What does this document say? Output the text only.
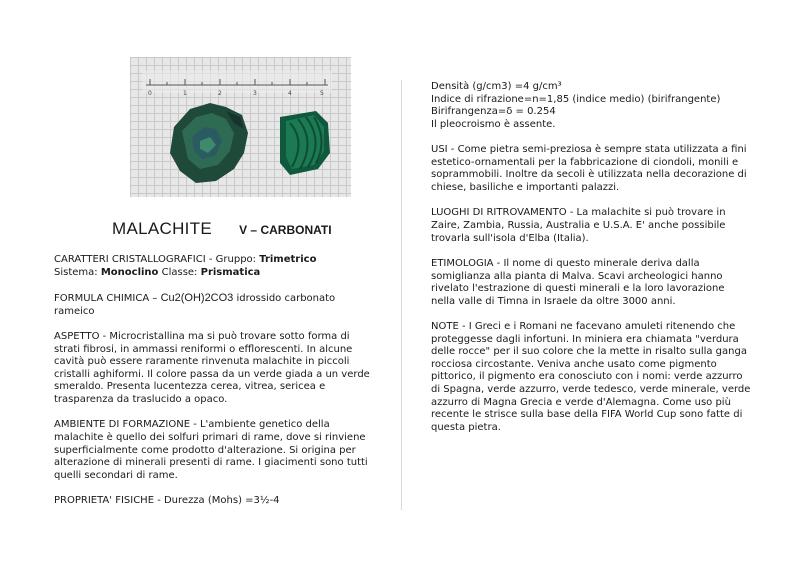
0	1	2	3	4	5
MALACHITE V – CARBONATI

CARATTERI CRISTALLOGRAFICI - Gruppo: Trimetrico
Sistema: Monoclino Classe: Prismatica

FORMULA CHIMICA – Cu2(OH)2CO3 idrossido carbonato rameico

ASPETTO - Microcristallina ma si può trovare sotto forma di strati fibrosi, in ammassi reniformi o efflorescenti. In alcune cavità può essere raramente rinvenuta malachite in piccoli cristalli aghiformi. Il colore passa da un verde giada a un verde smeraldo. Presenta lucentezza cerea, vitrea, sericea e trasparenza da traslucido a opaco.

AMBIENTE DI FORMAZIONE - L'ambiente genetico della malachite è quello dei solfuri primari di rame, dove si rinviene superficialmente come prodotto d'alterazione. Si origina per alterazione di minerali presenti di rame. I giacimenti sono tutti quelli secondari di rame.

PROPRIETA' FISICHE - Durezza (Mohs) =3½-4

Densità (g/cm3) =4 g/cm³
Indice di rifrazione=n=1,85 (indice medio) (birifrangente)
Birifrangenza=δ = 0.254
Il pleocroismo è assente.

USI - Come pietra semi-preziosa è sempre stata utilizzata a fini estetico-ornamentali per la fabbricazione di ciondoli, monili e soprammobili. Inoltre da secoli è utilizzata nella decorazione di chiese, basiliche e importanti palazzi.

LUOGHI DI RITROVAMENTO - La malachite si può trovare in Zaire, Zambia, Russia, Australia e U.S.A. E' anche possibile trovarla sull'isola d'Elba (Italia).

ETIMOLOGIA - Il nome di questo minerale deriva dalla somiglianza alla pianta di Malva. Scavi archeologici hanno rivelato l'estrazione di questi minerali e la loro lavorazione nella valle di Timna in Israele da oltre 3000 anni.

NOTE - I Greci e i Romani ne facevano amuleti ritenendo che proteggesse dagli infortuni. In miniera era chiamata "verdura delle rocce" per il suo colore che la mette in risalto sulla ganga rocciosa circostante. Veniva anche usato come pigmento pittorico, il pigmento era conosciuto con i nomi: verde azzurro di Spagna, verde azzurro, verde tedesco, verde minerale, verde azzurro di Magna Grecia e verde d'Alemagna. Come uso più recente le strisce sulla base della FIFA World Cup sono fatte di questa pietra.
